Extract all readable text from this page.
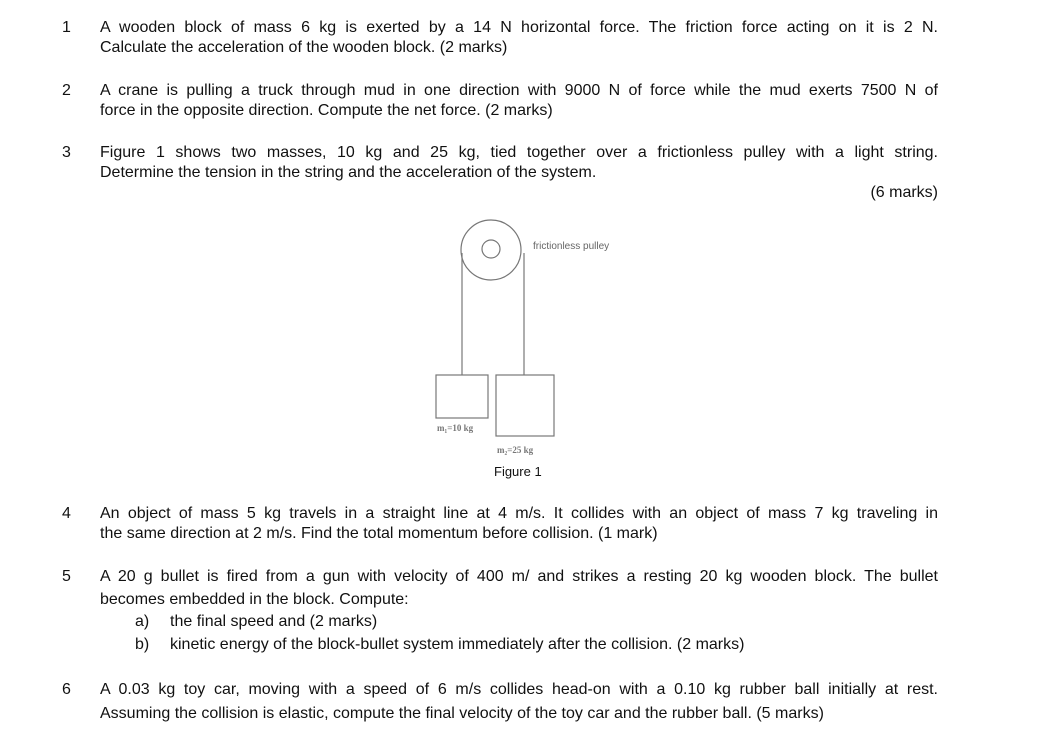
1 A wooden block of mass 6 kg is exerted by a 14 N horizontal force. The friction force acting on it is 2 N.
Calculate the acceleration of the wooden block. (2 marks)
2 A crane is pulling a truck through mud in one direction with 9000 N of force while the mud exerts 7500 N of
force in the opposite direction. Compute the net force. (2 marks)
3 Figure 1 shows two masses, 10 kg and 25 kg, tied together over a frictionless pulley with a light string.
Determine the tension in the string and the acceleration of the system.
(6 marks)
frictionless pulley
m₁=10 kg
m₂=25 kg
Figure 1
4 An object of mass 5 kg travels in a straight line at 4 m/s. It collides with an object of mass 7 kg traveling in
the same direction at 2 m/s. Find the total momentum before collision. (1 mark)
5 A 20 g bullet is fired from a gun with velocity of 400 m/ and strikes a resting 20 kg wooden block. The bullet
becomes embedded in the block. Compute:
a) the final speed and (2 marks)
b) kinetic energy of the block-bullet system immediately after the collision. (2 marks)
6 A 0.03 kg toy car, moving with a speed of 6 m/s collides head-on with a 0.10 kg rubber ball initially at rest.
Assuming the collision is elastic, compute the final velocity of the toy car and the rubber ball. (5 marks)
